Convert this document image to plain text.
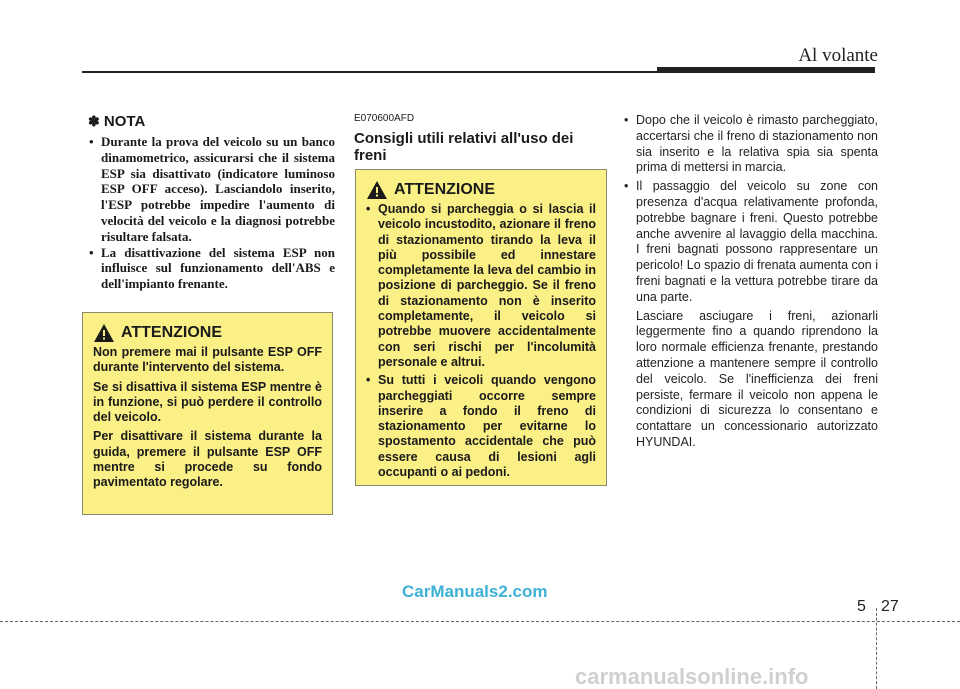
Al volante
✽ NOTA
• Durante la prova del veicolo su un banco dinamometrico, assicurarsi che il sistema ESP sia disattivato (indicatore luminoso ESP OFF acceso). Lasciandolo inserito, l'ESP potrebbe impedire l'aumento di velocità del veicolo e la diagnosi potrebbe risultare falsata.
• La disattivazione del sistema ESP non influisce sul funzionamento dell'ABS e dell'impianto frenante.
ATTENZIONE

Non premere mai il pulsante ESP OFF durante l'intervento del sistema.

Se si disattiva il sistema ESP mentre è in funzione, si può perdere il controllo del veicolo.

Per disattivare il sistema durante la guida, premere il pulsante ESP OFF mentre si procede su fondo pavimentato regolare.

E070600AFD
Consigli utili relativi all'uso dei freni
ATTENZIONE
• Quando si parcheggia o si lascia il veicolo incustodito, azionare il freno di stazionamento tirando la leva il più possibile ed innestare completamente la leva del cambio in posizione di parcheggio. Se il freno di stazionamento non è inserito completamente, il veicolo si potrebbe muovere accidentalmente con seri rischi per l'incolumità personale e altrui.
• Su tutti i veicoli quando vengono parcheggiati occorre sempre inserire a fondo il freno di stazionamento per evitarne lo spostamento accidentale che può essere causa di lesioni agli occupanti o ai pedoni.
• Dopo che il veicolo è rimasto parcheggiato, accertarsi che il freno di stazionamento non sia inserito e la relativa spia sia spenta prima di mettersi in marcia.
• Il passaggio del veicolo su zone con presenza d'acqua relativamente profonda, potrebbe bagnare i freni. Questo potrebbe anche avvenire al lavaggio della macchina. I freni bagnati possono rappresentare un pericolo! Lo spazio di frenata aumenta con i freni bagnati e la vettura potrebbe tirare da una parte.

Lasciare asciugare i freni, azionarli leggermente fino a quando riprendono la loro normale efficienza frenante, prestando attenzione a mantenere sempre il controllo del veicolo. Se l'inefficienza dei freni persiste, fermare il veicolo non appena le condizioni di sicurezza lo consentano e contattare un concessionario autorizzato HYUNDAI.

CarManuals2.com
5 27
carmanualsonline.info
